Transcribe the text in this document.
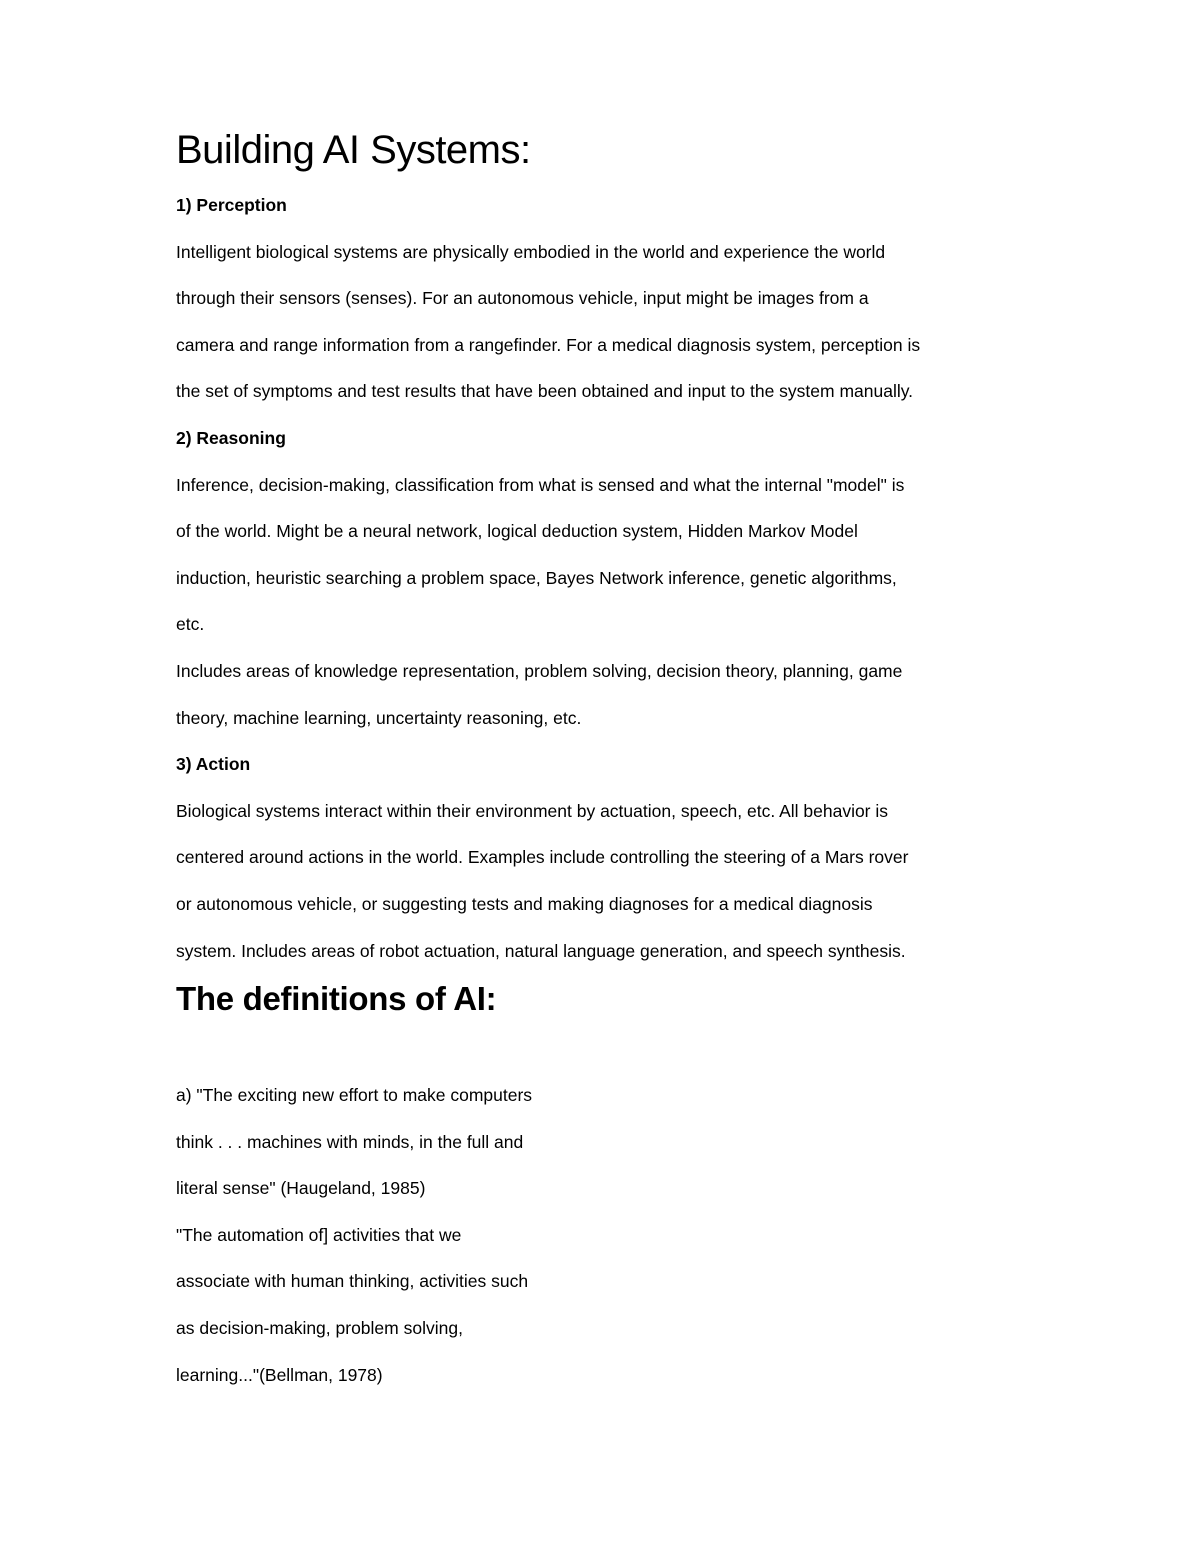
Building AI Systems:

1) Perception

Intelligent biological systems are physically embodied in the world and experience the world

through their sensors (senses). For an autonomous vehicle, input might be images from a

camera and range information from a rangefinder. For a medical diagnosis system, perception is

the set of symptoms and test results that have been obtained and input to the system manually.

2) Reasoning

Inference, decision-making, classification from what is sensed and what the internal "model" is

of the world. Might be a neural network, logical deduction system, Hidden Markov Model

induction, heuristic searching a problem space, Bayes Network inference, genetic algorithms,

etc.

Includes areas of knowledge representation, problem solving, decision theory, planning, game

theory, machine learning, uncertainty reasoning, etc.

3) Action

Biological systems interact within their environment by actuation, speech, etc. All behavior is

centered around actions in the world. Examples include controlling the steering of a Mars rover

or autonomous vehicle, or suggesting tests and making diagnoses for a medical diagnosis

system. Includes areas of robot actuation, natural language generation, and speech synthesis.

The definitions of AI:

a) "The exciting new effort to make computers

think . . . machines with minds, in the full and

literal sense" (Haugeland, 1985)

"The automation of] activities that we

associate with human thinking, activities such

as decision-making, problem solving,

learning..."(Bellman, 1978)
